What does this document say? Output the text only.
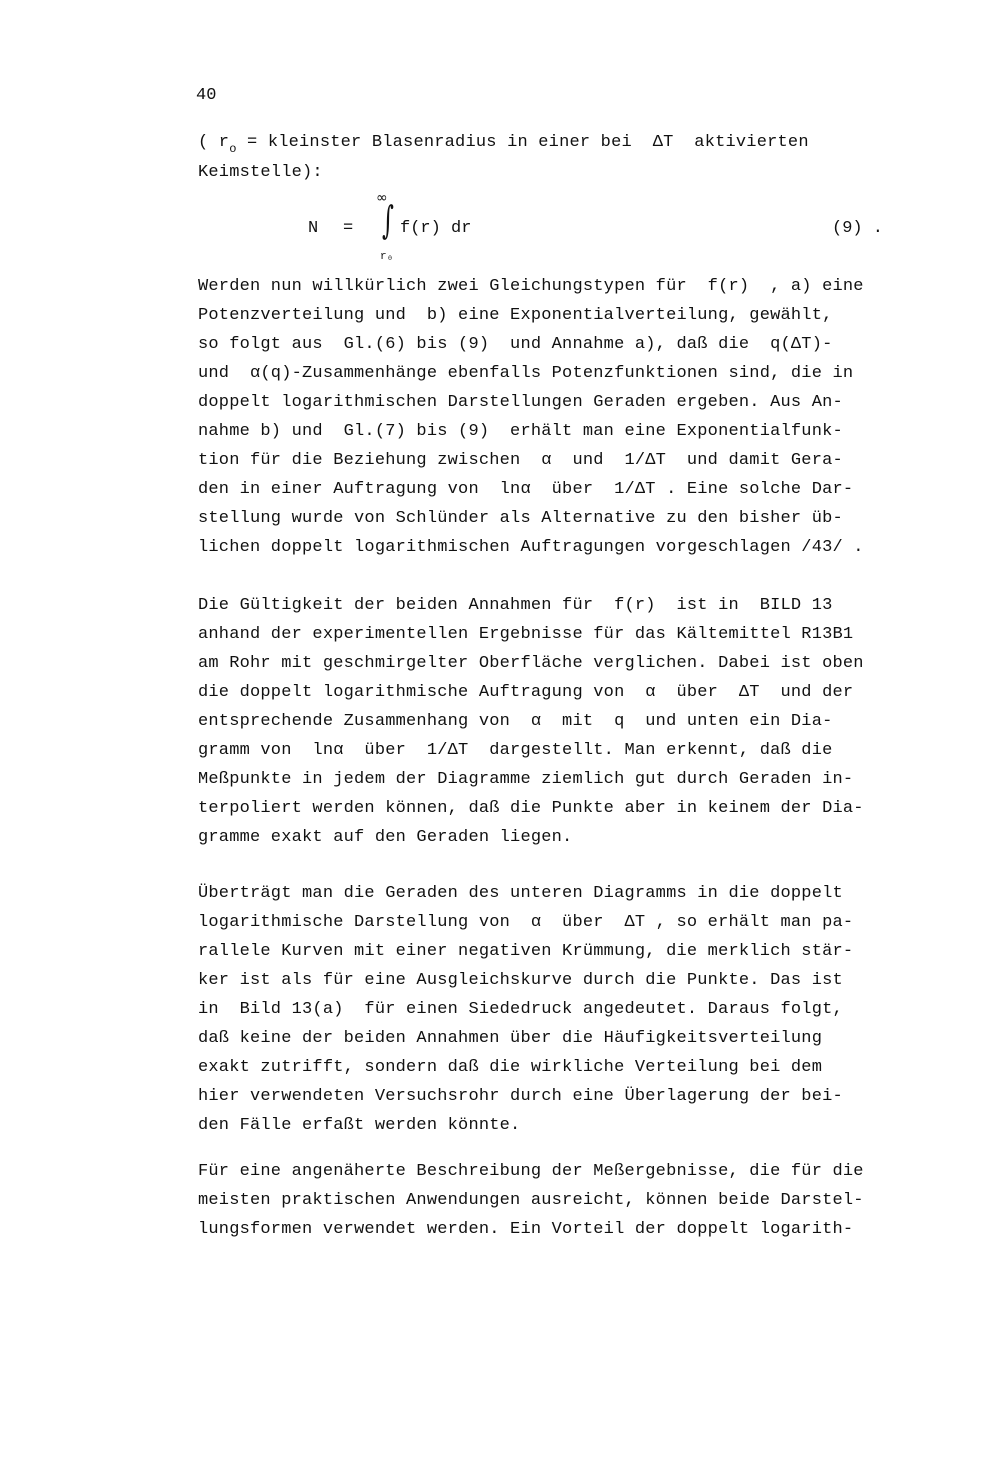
40
( $r_o$ = kleinster Blasenradius in einer bei  ΔT  aktivierten
Keimstelle):
N =
∞
∫
r₀
f(r) dr	(9) .
Werden nun willkürlich zwei Gleichungstypen für  f(r)  , a) eine
Potenzverteilung und  b) eine Exponentialverteilung, gewählt,
so folgt aus  Gl.(6) bis (9)  und Annahme a), daß die  q(ΔT)-
und  α(q)-Zusammenhänge ebenfalls Potenzfunktionen sind, die in
doppelt logarithmischen Darstellungen Geraden ergeben. Aus An-
nahme b) und  Gl.(7) bis (9)  erhält man eine Exponentialfunk-
tion für die Beziehung zwischen  α  und  1/ΔT  und damit Gera-
den in einer Auftragung von  lnα  über  1/ΔT . Eine solche Dar-
stellung wurde von Schlünder als Alternative zu den bisher üb-
lichen doppelt logarithmischen Auftragungen vorgeschlagen /43/ .
Die Gültigkeit der beiden Annahmen für  f(r)  ist in  BILD 13
anhand der experimentellen Ergebnisse für das Kältemittel R13B1
am Rohr mit geschmirgelter Oberfläche verglichen. Dabei ist oben
die doppelt logarithmische Auftragung von  α  über  ΔT  und der
entsprechende Zusammenhang von  α  mit  q  und unten ein Dia-
gramm von  lnα  über  1/ΔT  dargestellt. Man erkennt, daß die
Meßpunkte in jedem der Diagramme ziemlich gut durch Geraden in-
terpoliert werden können, daß die Punkte aber in keinem der Dia-
gramme exakt auf den Geraden liegen.
Überträgt man die Geraden des unteren Diagramms in die doppelt
logarithmische Darstellung von  α  über  ΔT , so erhält man pa-
rallele Kurven mit einer negativen Krümmung, die merklich stär-
ker ist als für eine Ausgleichskurve durch die Punkte. Das ist
in  Bild 13(a)  für einen Siededruck angedeutet. Daraus folgt,
daß keine der beiden Annahmen über die Häufigkeitsverteilung
exakt zutrifft, sondern daß die wirkliche Verteilung bei dem
hier verwendeten Versuchsrohr durch eine Überlagerung der bei-
den Fälle erfaßt werden könnte.
Für eine angenäherte Beschreibung der Meßergebnisse, die für die
meisten praktischen Anwendungen ausreicht, können beide Darstel-
lungsformen verwendet werden. Ein Vorteil der doppelt logarith-
